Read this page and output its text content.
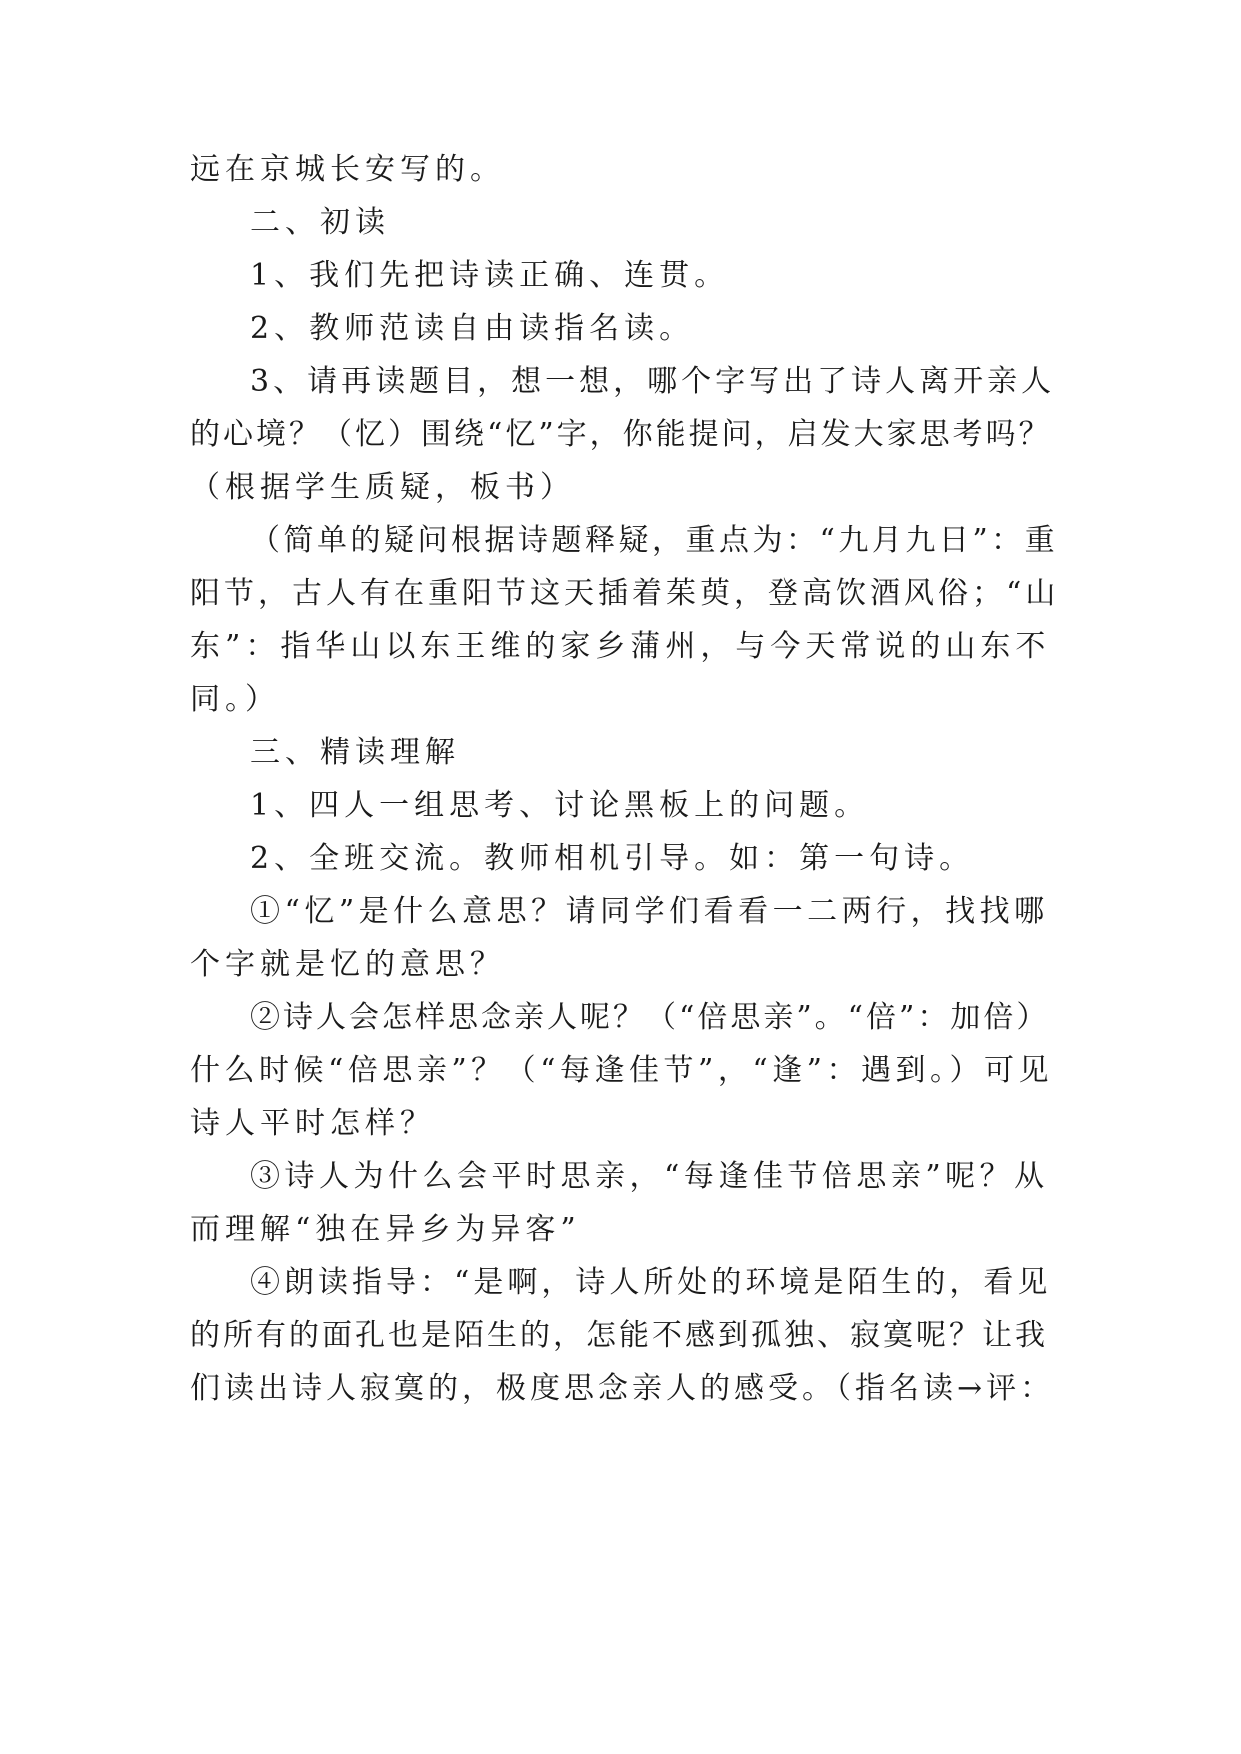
远在京城长安写的。
二、初读
1、我们先把诗读正确、连贯。
2、教师范读自由读指名读。
3、请再读题目，想一想，哪个字写出了诗人离开亲人
的心境？（忆）围绕“忆”字，你能提问，启发大家思考吗？
（根据学生质疑，板书）
（简单的疑问根据诗题释疑，重点为：“九月九日”：重
阳节，古人有在重阳节这天插着茱萸，登高饮酒风俗；“山
东”：指华山以东王维的家乡蒲州，与今天常说的山东不
同。）
三、精读理解
1、四人一组思考、讨论黑板上的问题。
2、全班交流。教师相机引导。如：第一句诗。
①“忆”是什么意思？请同学们看看一二两行，找找哪
个字就是忆的意思？
②诗人会怎样思念亲人呢？（“倍思亲”。“倍”：加倍）
什么时候“倍思亲”？（“每逢佳节”，“逢”：遇到。）可见
诗人平时怎样？
③诗人为什么会平时思亲，“每逢佳节倍思亲”呢？从
而理解“独在异乡为异客”
④朗读指导：“是啊，诗人所处的环境是陌生的，看见
的所有的面孔也是陌生的，怎能不感到孤独、寂寞呢？让我
们读出诗人寂寞的，极度思念亲人的感受。（指名读→评：
